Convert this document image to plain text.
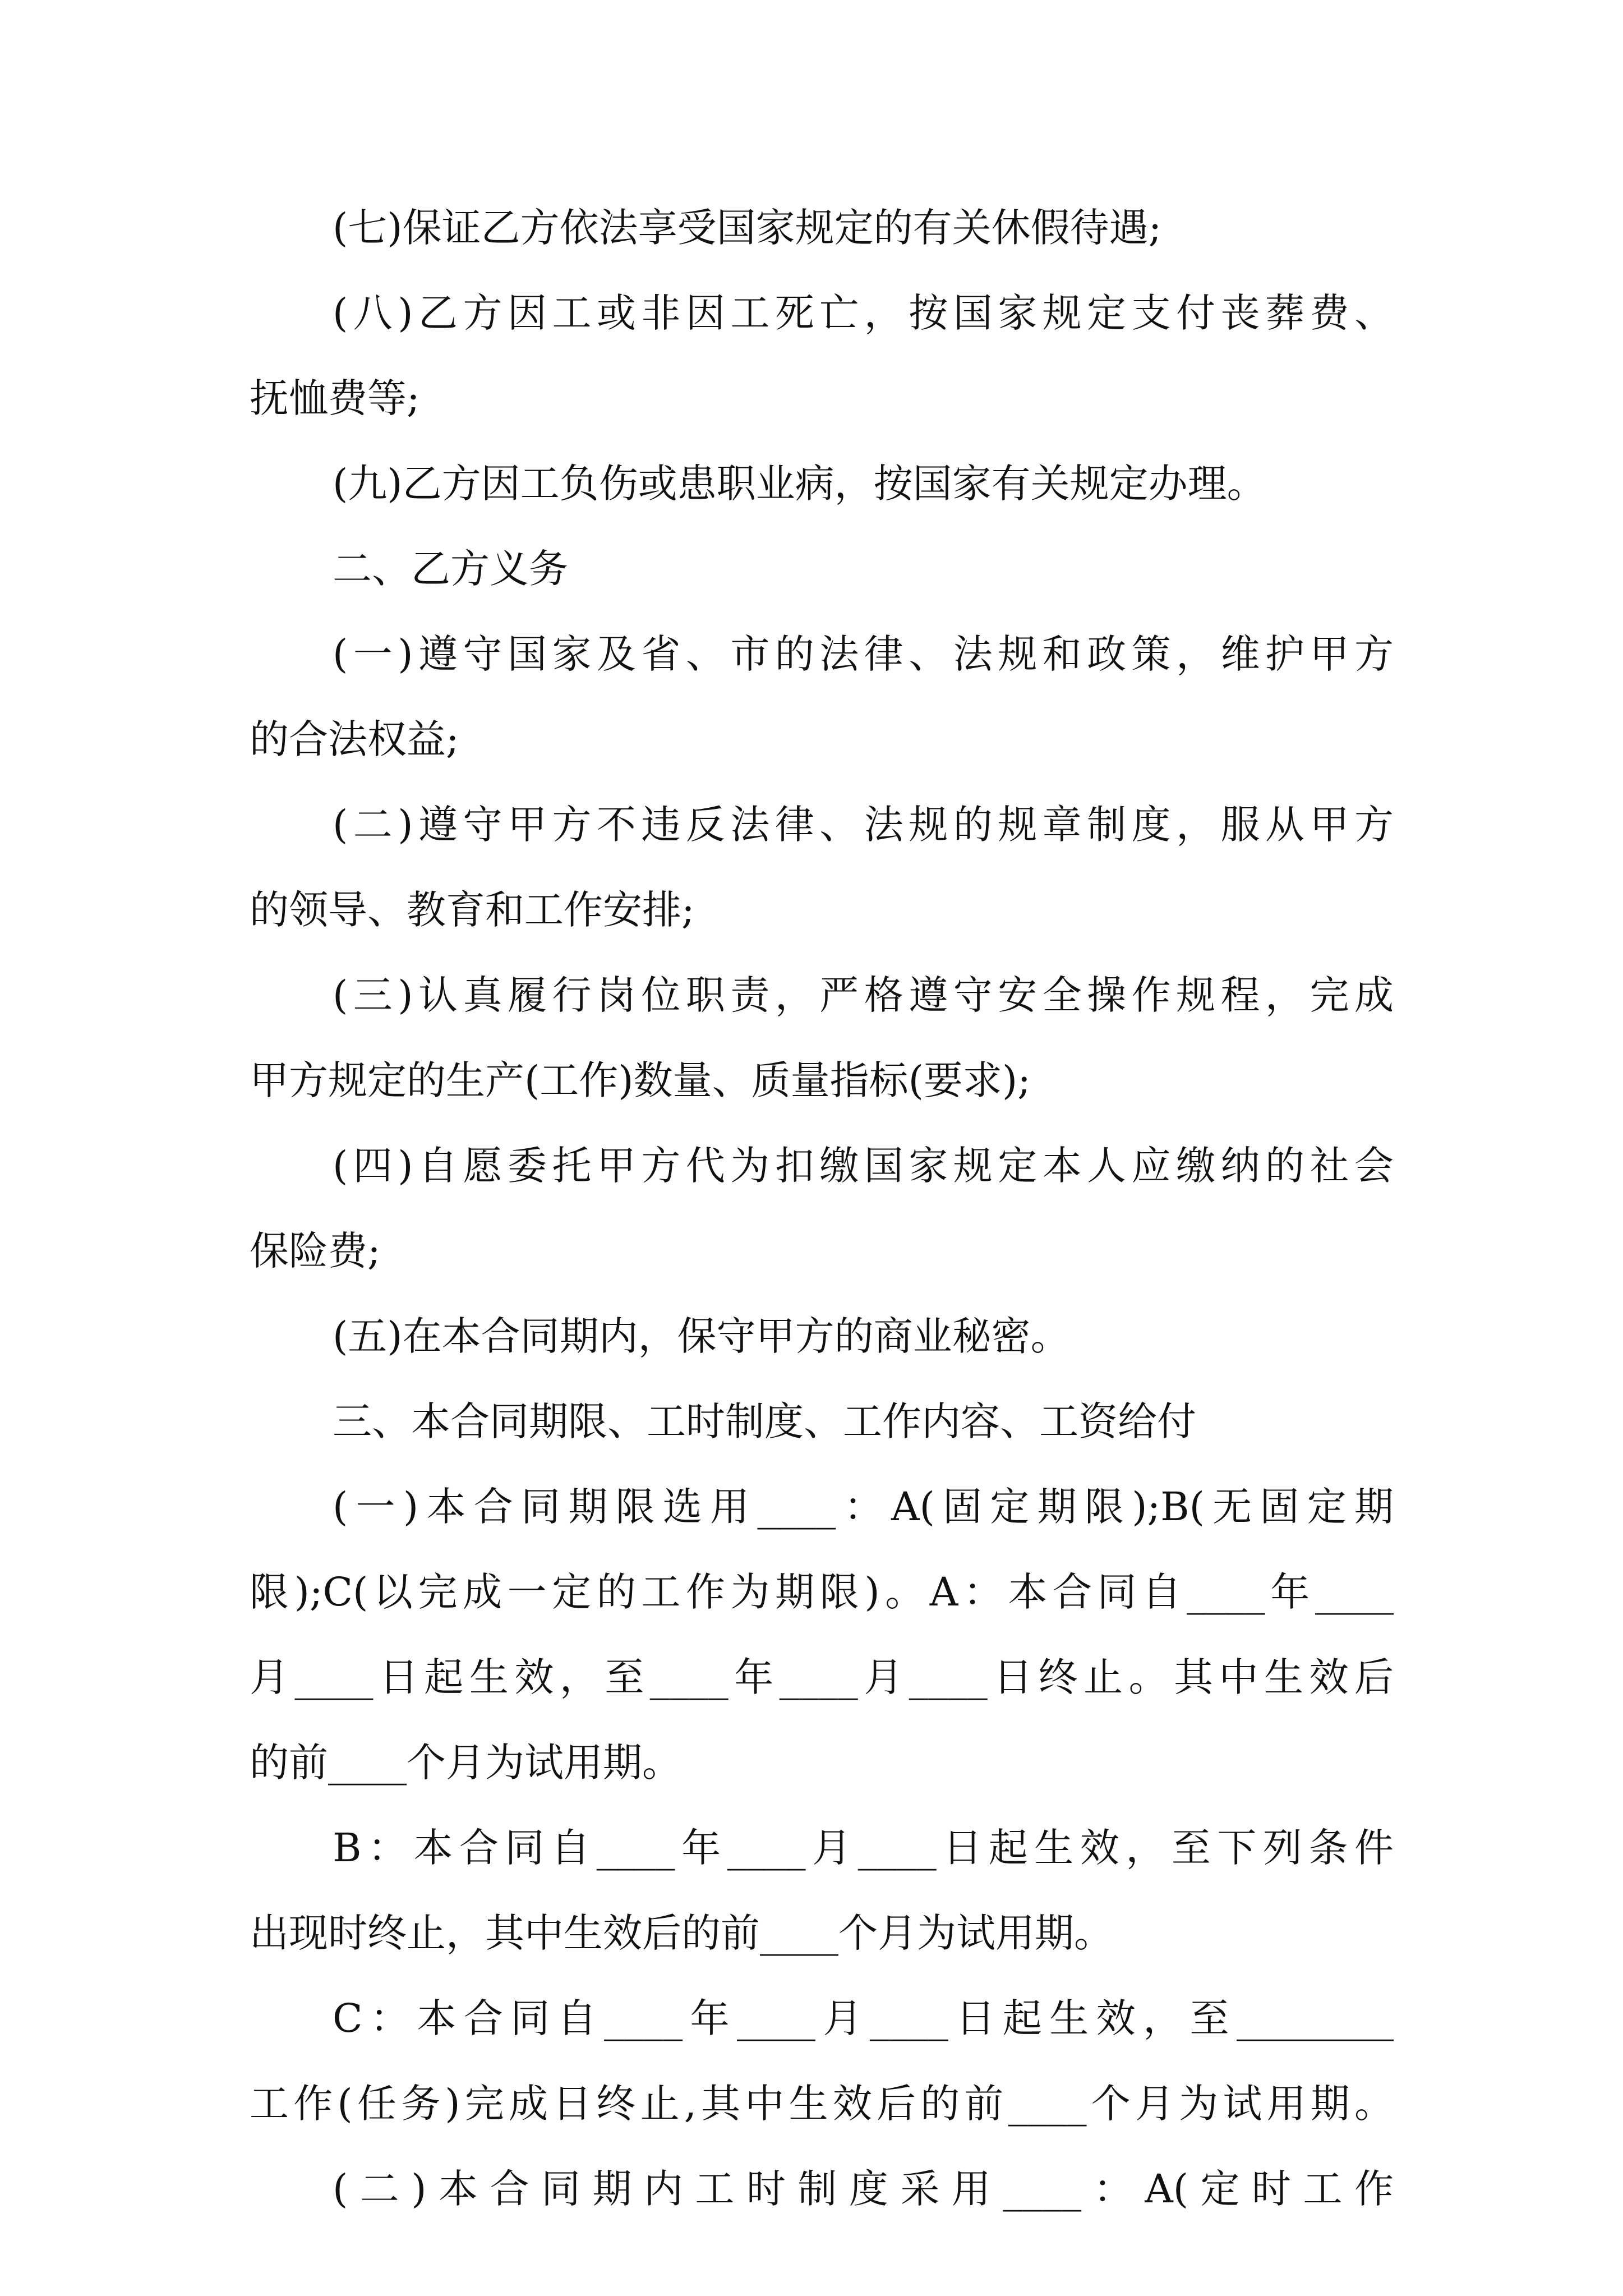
(七)保证乙方依法享受国家规定的有关休假待遇;
(八)乙方因工或非因工死亡，按国家规定支付丧葬费、
抚恤费等;
(九)乙方因工负伤或患职业病，按国家有关规定办理。
二、乙方义务
(一)遵守国家及省、市的法律、法规和政策，维护甲方
的合法权益;
(二)遵守甲方不违反法律、法规的规章制度，服从甲方
的领导、教育和工作安排;
(三)认真履行岗位职责，严格遵守安全操作规程，完成
甲方规定的生产(工作)数量、质量指标(要求);
(四)自愿委托甲方代为扣缴国家规定本人应缴纳的社会
保险费;
(五)在本合同期内，保守甲方的商业秘密。
三、本合同期限、工时制度、工作内容、工资给付
(一)本合同期限选用____：A(固定期限);B(无固定期
限);C(以完成一定的工作为期限)。A：本合同自____年____
月____日起生效，至____年____月____日终止。其中生效后
的前____个月为试用期。
B：本合同自____年____月____日起生效，至下列条件
出现时终止，其中生效后的前____个月为试用期。
C：本合同自____年____月____日起生效，至________
工作(任务)完成日终止,其中生效后的前____个月为试用期。
(二)本合同期内工时制度采用____：A(定时工作
